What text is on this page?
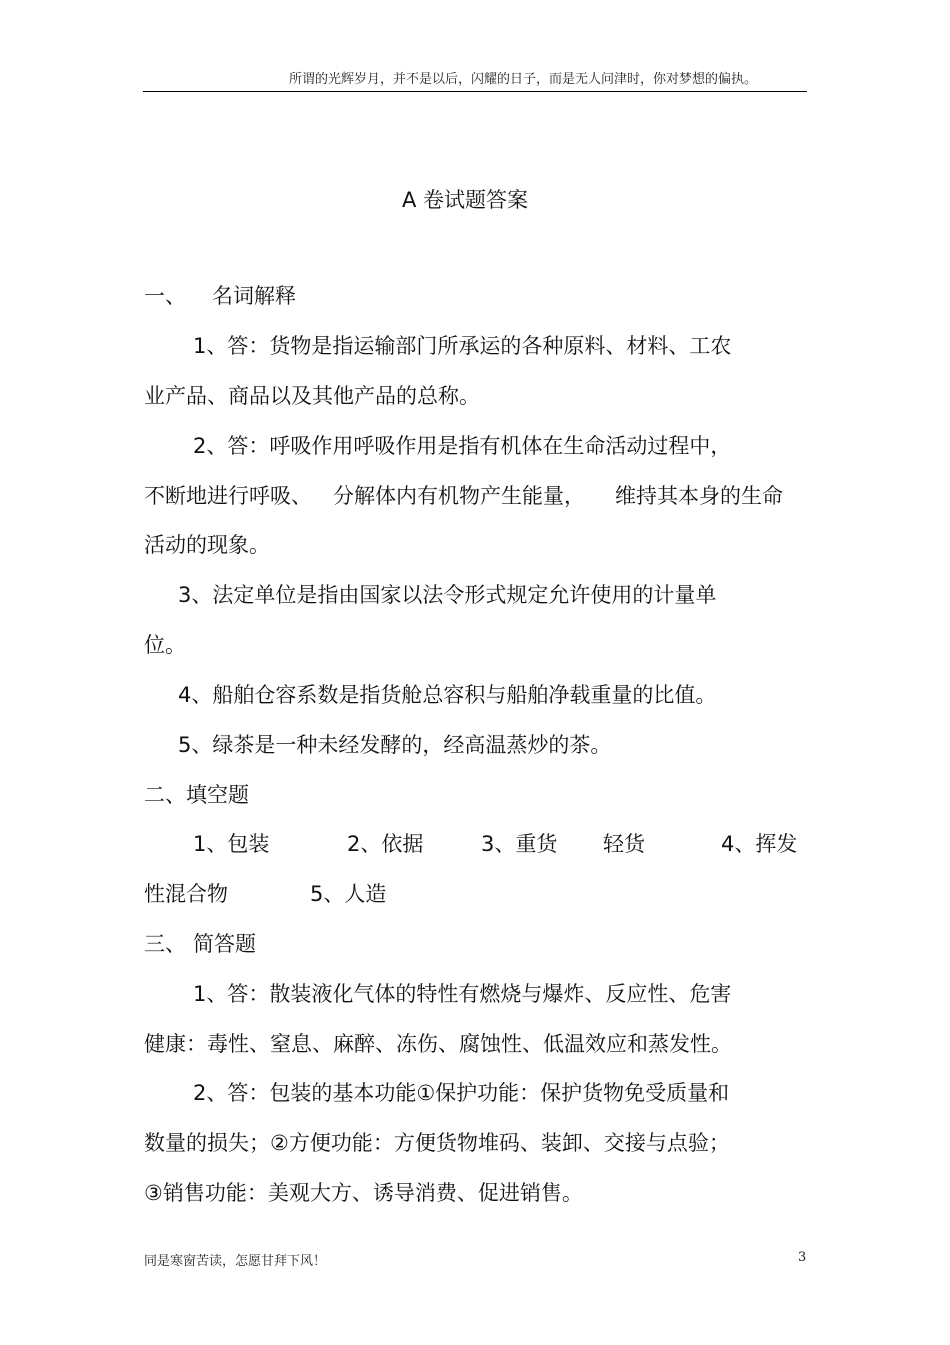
所谓的光辉岁月，并不是以后，闪耀的日子，而是无人问津时，你对梦想的偏执。
A 卷试题答案
一、 名词解释
1、答：货物是指运输部门所承运的各种原料、材料、工农
业产品、商品以及其他产品的总称。
2、答：呼吸作用呼吸作用是指有机体在生命活动过程中，
不断地进行呼吸、 分解体内有机物产生能量， 维持其本身的生命
活动的现象。
3、法定单位是指由国家以法令形式规定允许使用的计量单
位。
4、船舶仓容系数是指货舱总容积与船舶净载重量的比值。
5、绿茶是一种未经发酵的，经高温蒸炒的茶。
二、填空题
1、包装	2、依据	3、重货 轻货	4、挥发
性混合物	5、人造
三、 简答题
1、答：散装液化气体的特性有燃烧与爆炸、反应性、危害
健康：毒性、窒息、麻醉、冻伤、腐蚀性、低温效应和蒸发性。
2、答：包装的基本功能①保护功能：保护货物免受质量和
数量的损失；②方便功能：方便货物堆码、装卸、交接与点验；
③销售功能：美观大方、诱导消费、促进销售。
同是寒窗苦读，怎愿甘拜下风！	3
